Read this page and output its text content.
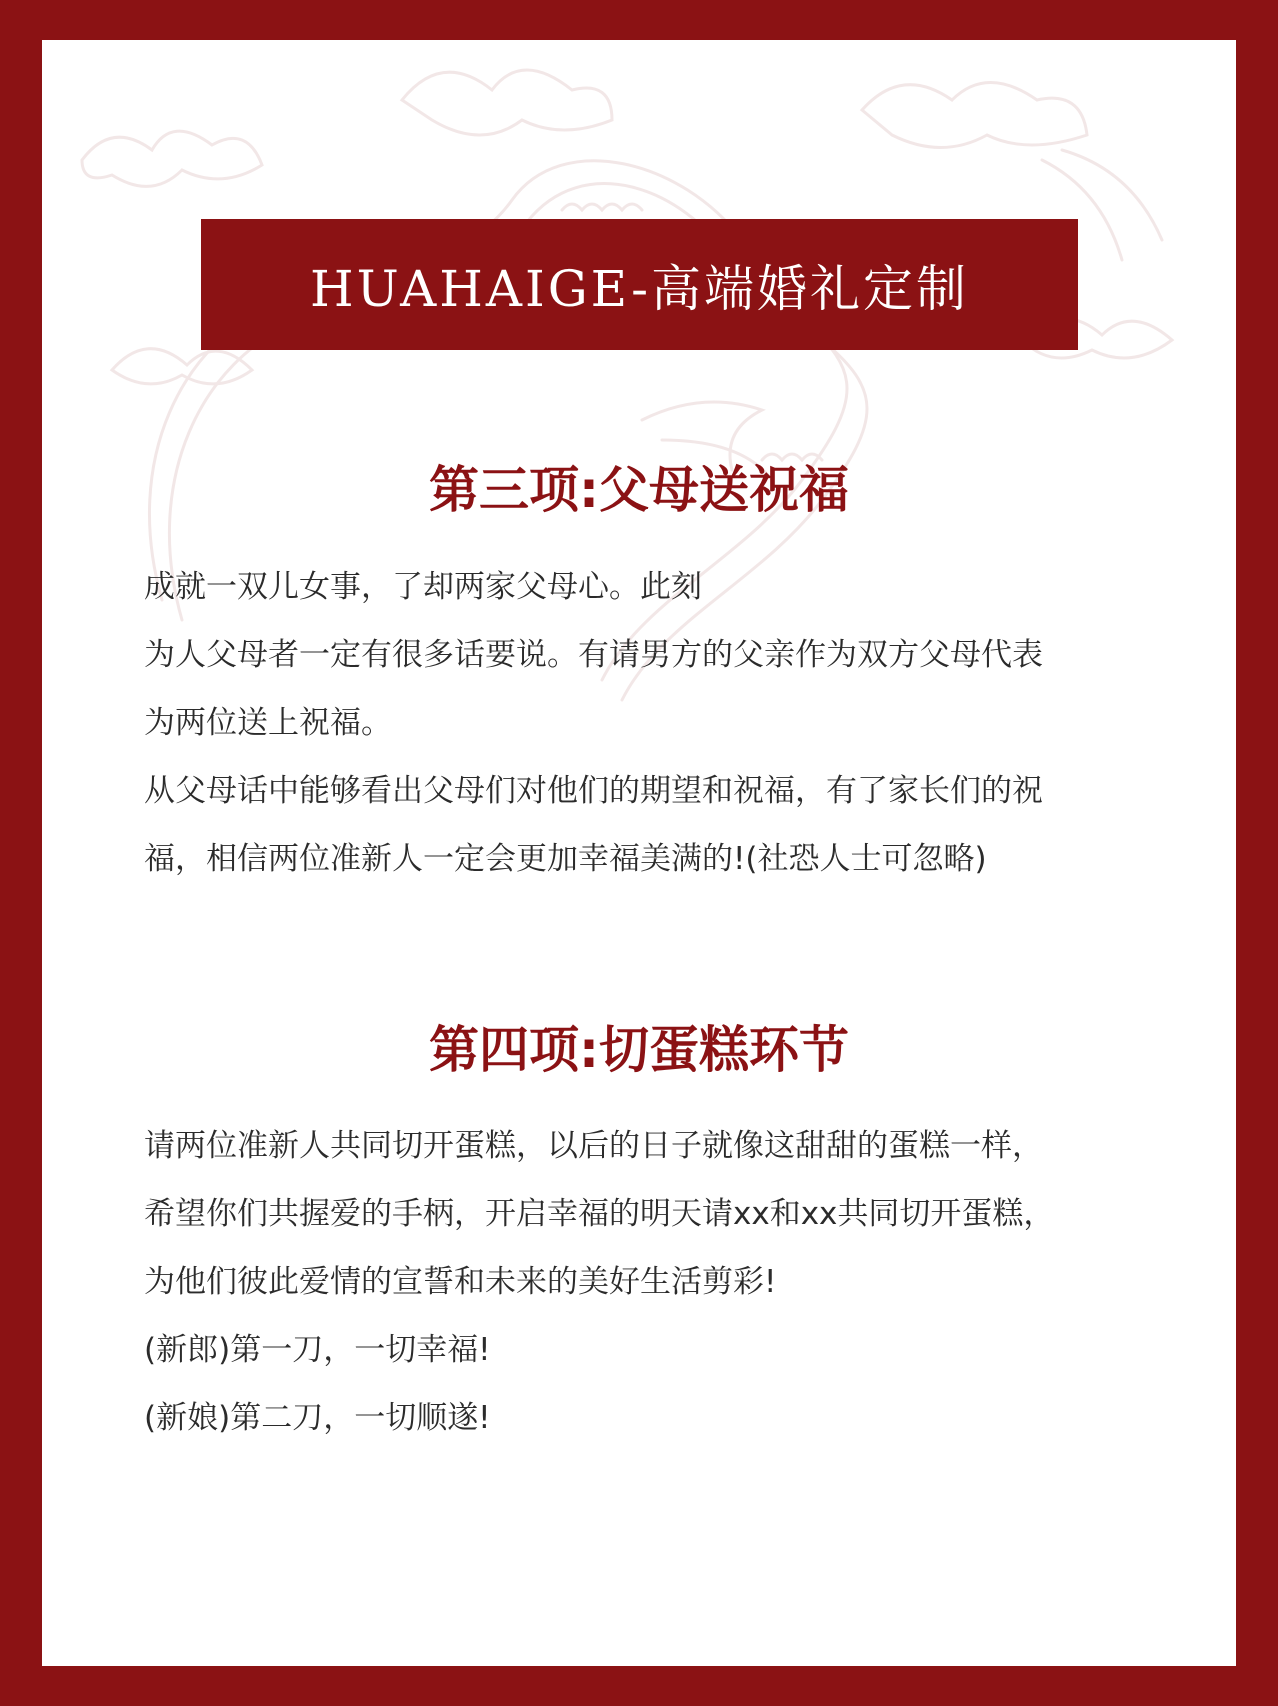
HUAHAIGE-高端婚礼定制
第三项:父母送祝福

成就一双儿女事，了却两家父母心。此刻

为人父母者一定有很多话要说。有请男方的父亲作为双方父母代表

为两位送上祝福。

从父母话中能够看出父母们对他们的期望和祝福，有了家长们的祝

福，相信两位准新人一定会更加幸福美满的!(社恐人士可忽略)

第四项:切蛋糕环节

请两位准新人共同切开蛋糕，以后的日子就像这甜甜的蛋糕一样，

希望你们共握爱的手柄，开启幸福的明天请xx和xx共同切开蛋糕，

为他们彼此爱情的宣誓和未来的美好生活剪彩!

(新郎)第一刀，一切幸福!

(新娘)第二刀，一切顺遂!
